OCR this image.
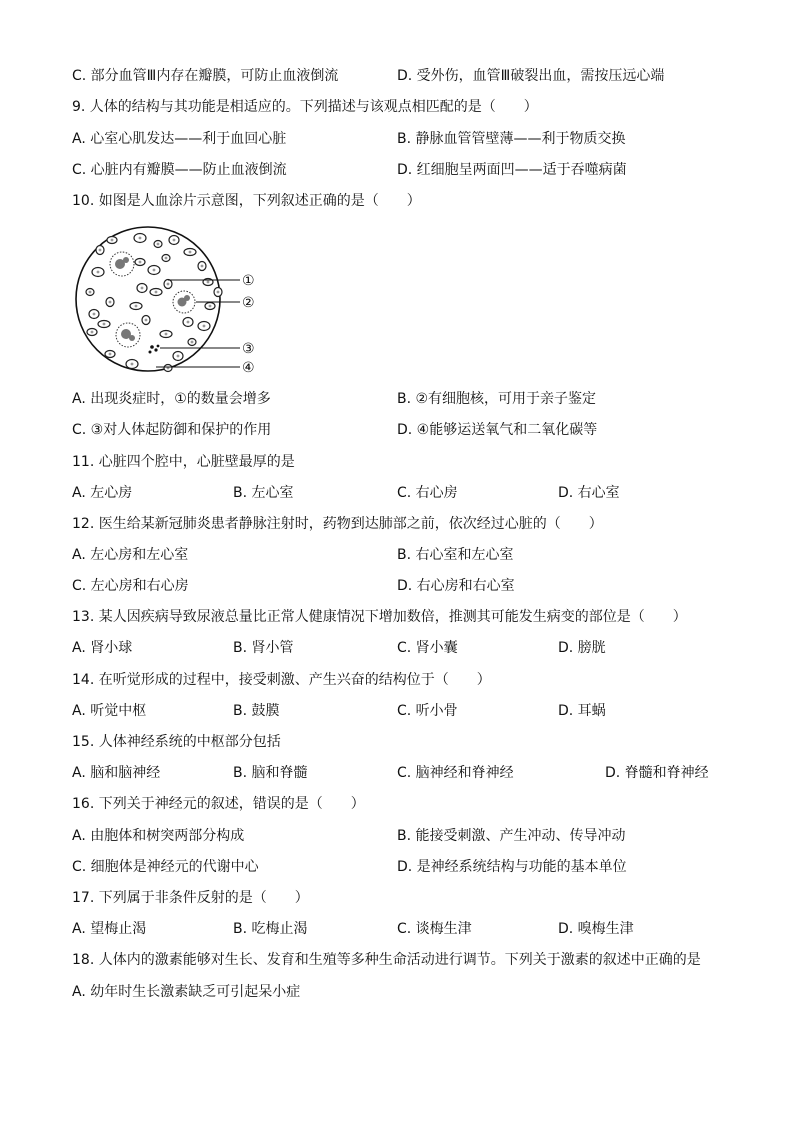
C. 部分血管Ⅲ内存在瓣膜，可防止血液倒流	D. 受外伤，血管Ⅲ破裂出血，需按压远心端
9. 人体的结构与其功能是相适应的。下列描述与该观点相匹配的是（　　）
A. 心室心肌发达——利于血回心脏	B. 静脉血管管壁薄——利于物质交换
C. 心脏内有瓣膜——防止血液倒流	D. 红细胞呈两面凹——适于吞噬病菌
10. 如图是人血涂片示意图，下列叙述正确的是（　　）
①
②
③
④
A. 出现炎症时，①的数量会增多	B. ②有细胞核，可用于亲子鉴定
C. ③对人体起防御和保护的作用	D. ④能够运送氧气和二氧化碳等
11. 心脏四个腔中，心脏壁最厚的是
A. 左心房	B. 左心室	C. 右心房	D. 右心室
12. 医生给某新冠肺炎患者静脉注射时，药物到达肺部之前，依次经过心脏的（　　）
A. 左心房和左心室	B. 右心室和左心室
C. 左心房和右心房	D. 右心房和右心室
13. 某人因疾病导致尿液总量比正常人健康情况下增加数倍，推测其可能发生病变的部位是（　　）
A. 肾小球	B. 肾小管	C. 肾小囊	D. 膀胱
14. 在听觉形成的过程中，接受刺激、产生兴奋的结构位于（　　）
A. 听觉中枢	B. 鼓膜	C. 听小骨	D. 耳蜗
15. 人体神经系统的中枢部分包括
A. 脑和脑神经	B. 脑和脊髓	C. 脑神经和脊神经	D. 脊髓和脊神经
16. 下列关于神经元的叙述，错误的是（　　）
A. 由胞体和树突两部分构成	B. 能接受刺激、产生冲动、传导冲动
C. 细胞体是神经元的代谢中心	D. 是神经系统结构与功能的基本单位
17. 下列属于非条件反射的是（　　）
A. 望梅止渴	B. 吃梅止渴	C. 谈梅生津	D. 嗅梅生津
18. 人体内的激素能够对生长、发育和生殖等多种生命活动进行调节。下列关于激素的叙述中正确的是
A. 幼年时生长激素缺乏可引起呆小症
